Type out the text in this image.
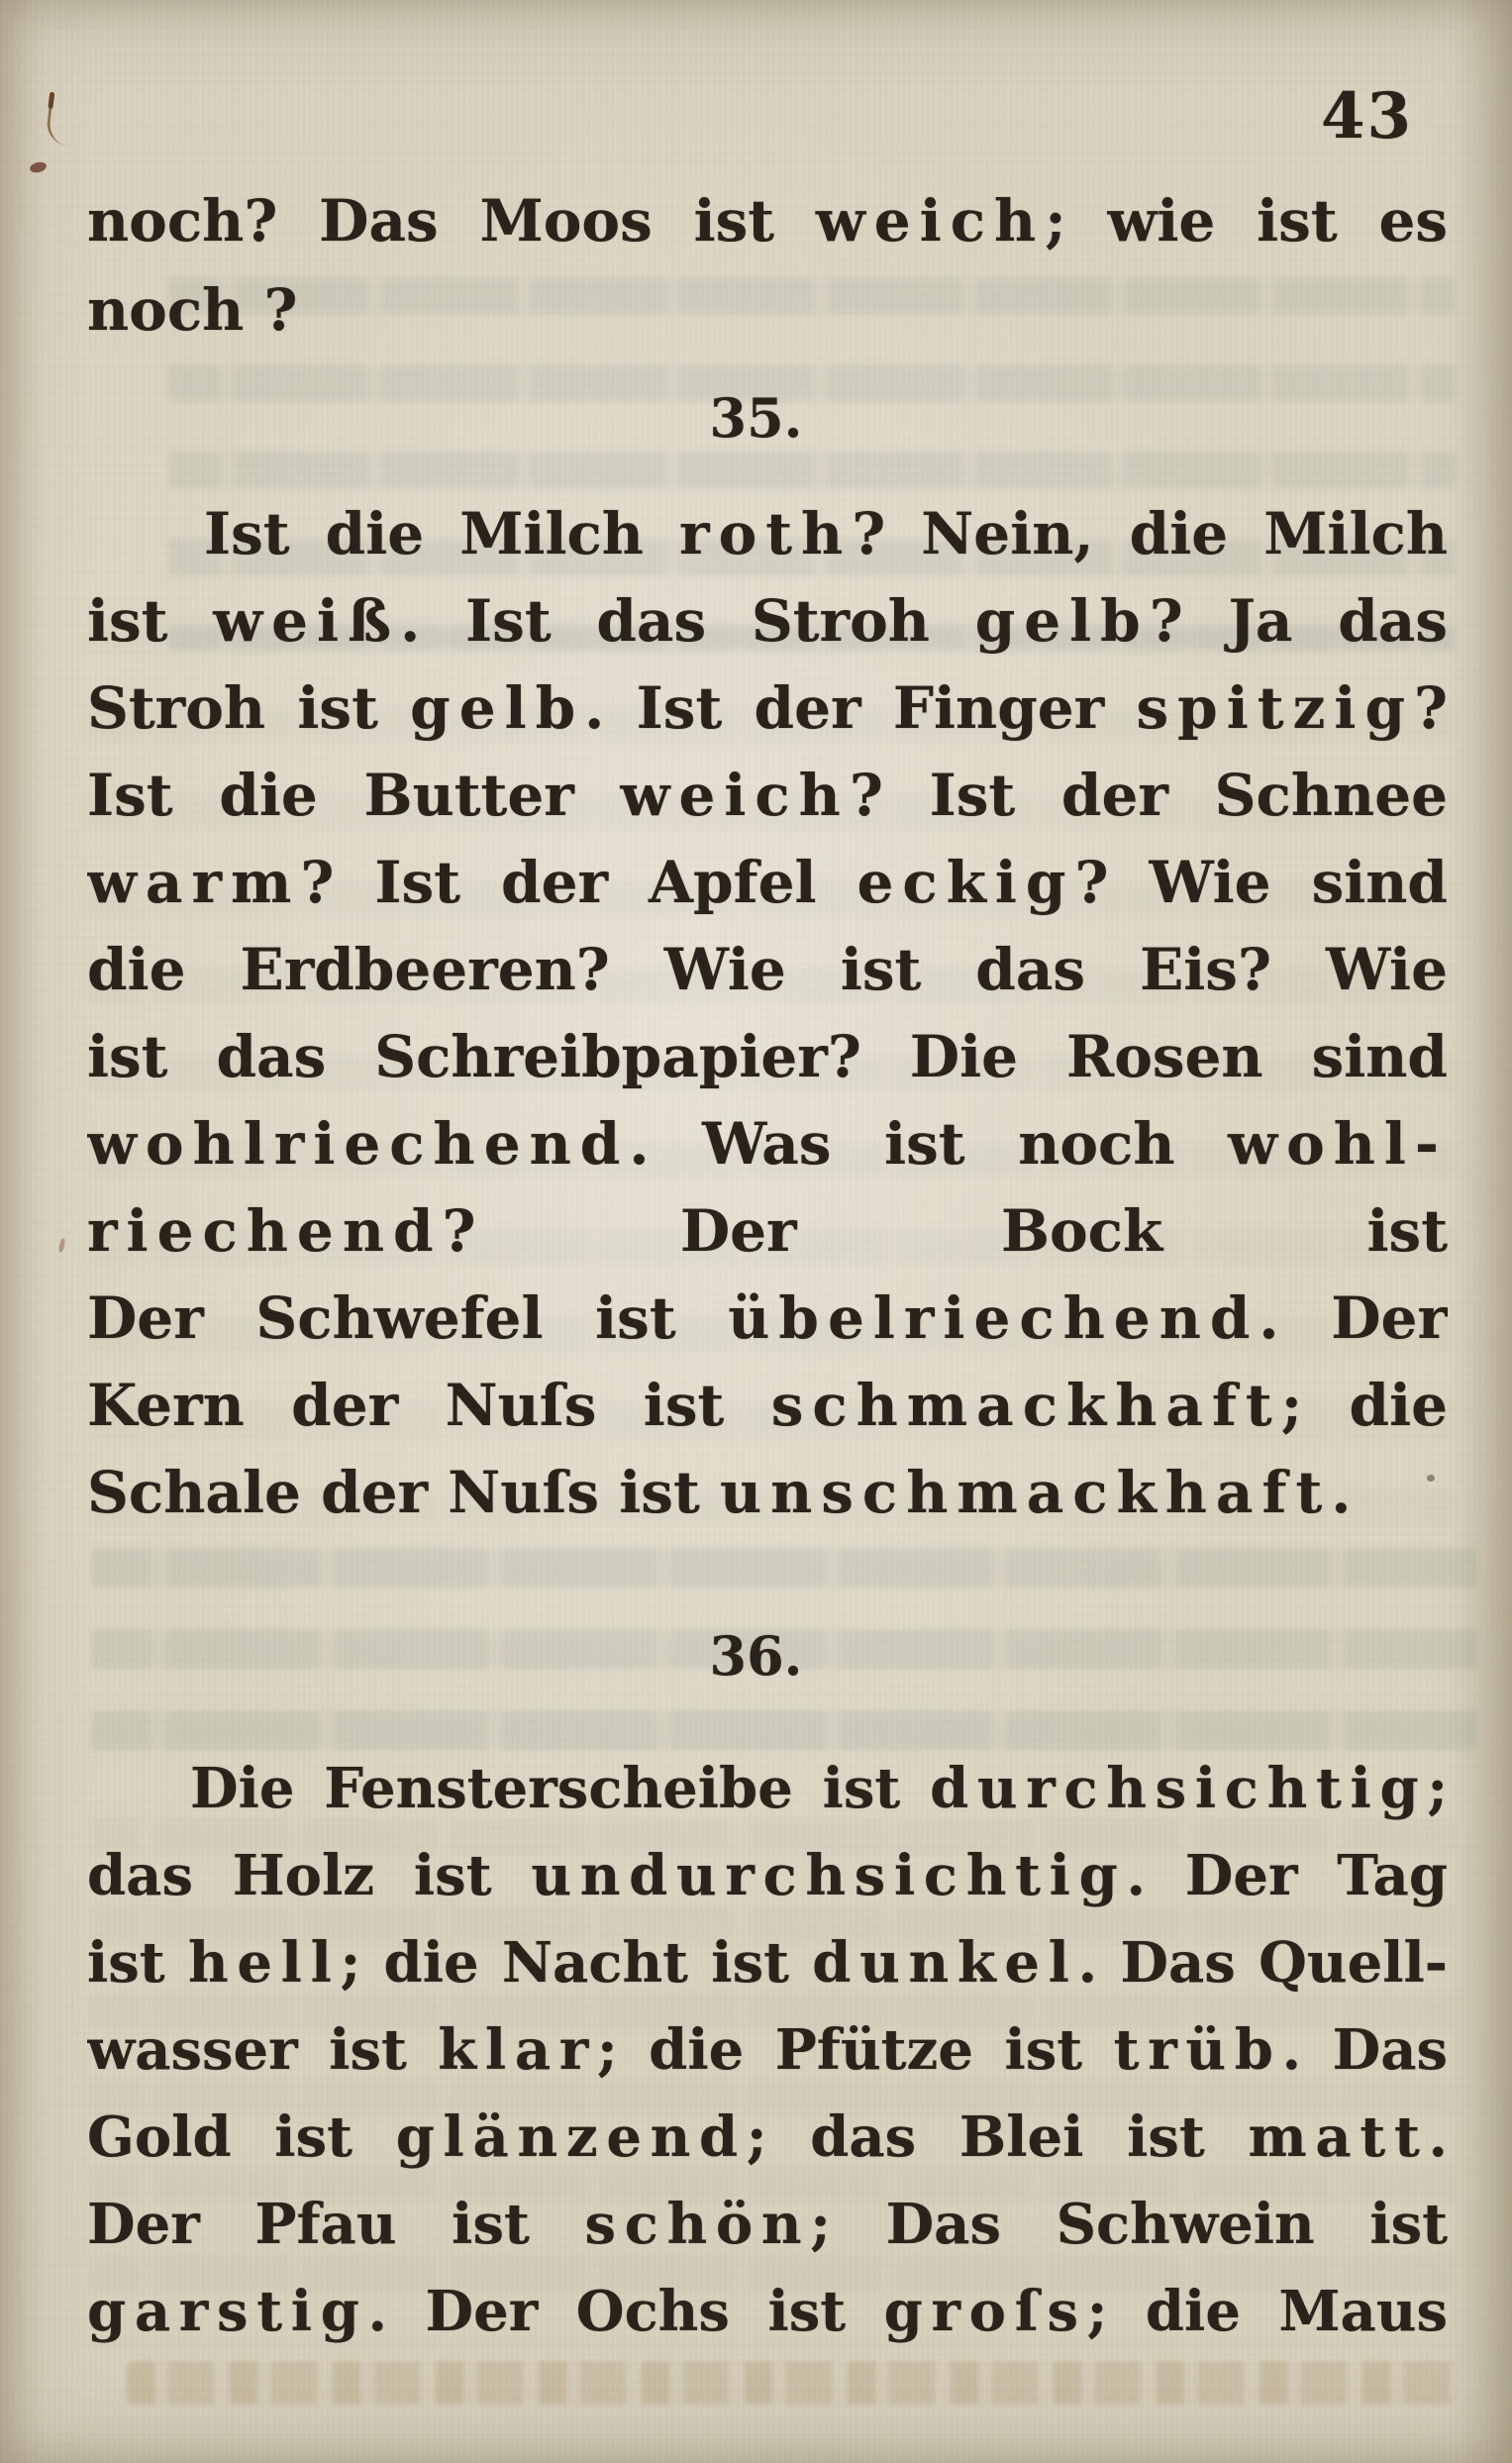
43
noch? Das Moos ist weich; wie ist es
noch ?
35.
Ist die Milch roth? Nein, die Milch
ist weiß. Ist das Stroh gelb? Ja das
Stroh ist gelb. Ist der Finger spitzig?
Ist die Butter weich? Ist der Schnee
warm? Ist der Apfel eckig? Wie sind
die Erdbeeren? Wie ist das Eis? Wie
ist das Schreibpapier? Die Rosen sind
wohlriechend. Was ist noch wohl-
riechend? Der Bock ist
Der Schwefel ist übelriechend. Der
Kern der Nuſs ist schmackhaft; die
Schale der Nuſs ist unschmackhaft.
36.
Die Fensterscheibe ist durchsichtig;
das Holz ist undurchsichtig. Der Tag
ist hell; die Nacht ist dunkel. Das Quell-
wasser ist klar; die Pfütze ist trüb. Das
Gold ist glänzend; das Blei ist matt.
Der Pfau ist schön; Das Schwein ist
garstig. Der Ochs ist groſs; die Maus
